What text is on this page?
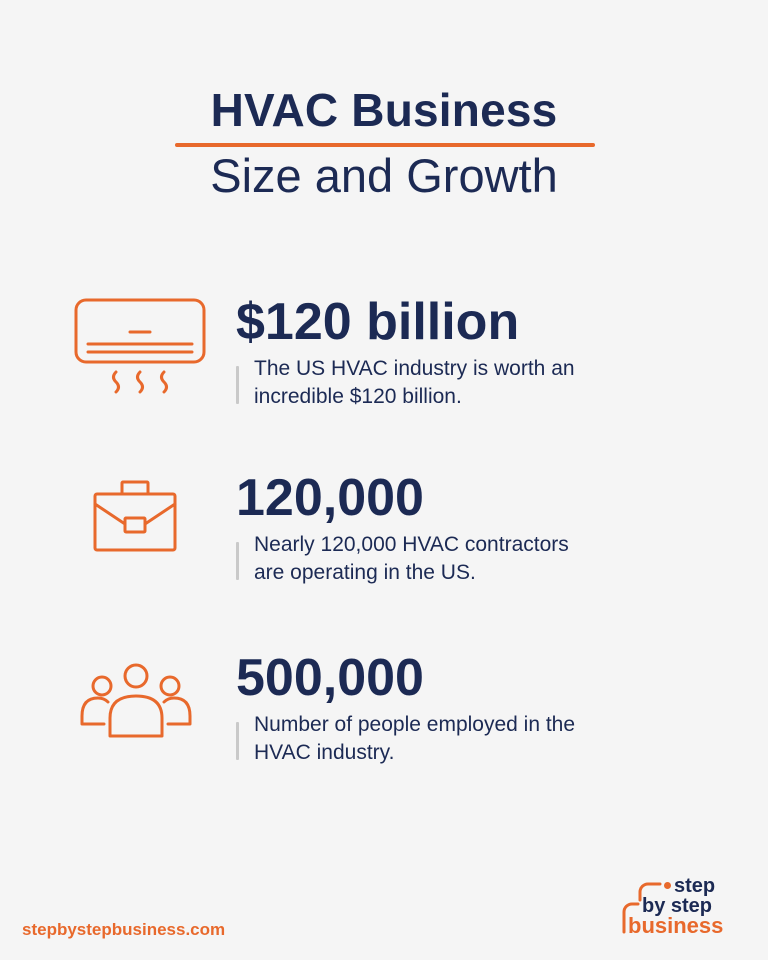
HVAC Business
Size and Growth
$120 billion
The US HVAC industry is worth an
incredible $120 billion.
120,000
Nearly 120,000 HVAC contractors
are operating in the US.
500,000
Number of people employed in the
HVAC industry.
stepbystepbusiness.com
step
by step
business
